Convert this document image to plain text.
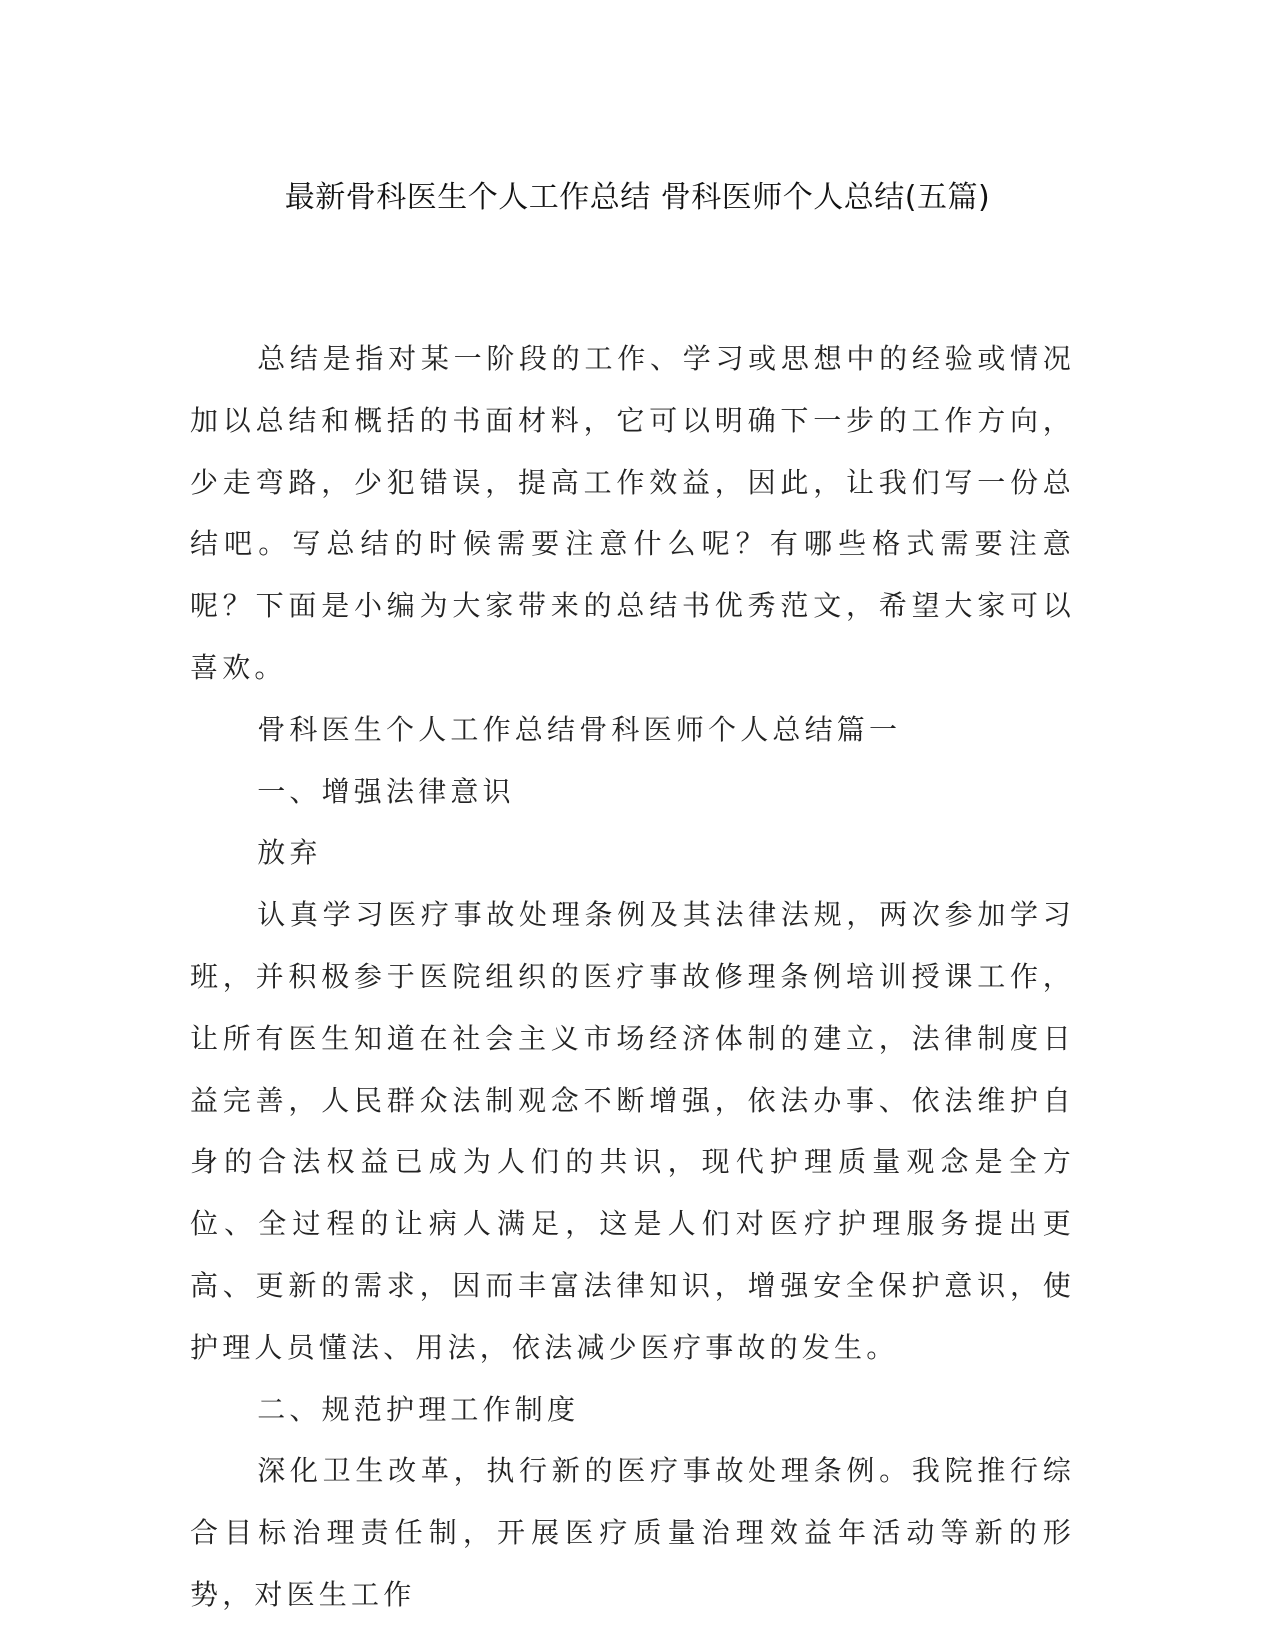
最新骨科医生个人工作总结 骨科医师个人总结(五篇)

总结是指对某一阶段的工作、学习或思想中的经验或情况加以总结和概括的书面材料，它可以明确下一步的工作方向，少走弯路，少犯错误，提高工作效益，因此，让我们写一份总结吧。写总结的时候需要注意什么呢？有哪些格式需要注意呢？下面是小编为大家带来的总结书优秀范文，希望大家可以喜欢。

骨科医生个人工作总结骨科医师个人总结篇一

一、增强法律意识

放弃

认真学习医疗事故处理条例及其法律法规，两次参加学习班，并积极参于医院组织的医疗事故修理条例培训授课工作，让所有医生知道在社会主义市场经济体制的建立，法律制度日益完善，人民群众法制观念不断增强，依法办事、依法维护自身的合法权益已成为人们的共识，现代护理质量观念是全方位、全过程的让病人满足，这是人们对医疗护理服务提出更高、更新的需求，因而丰富法律知识，增强安全保护意识，使护理人员懂法、用法，依法减少医疗事故的发生。

二、规范护理工作制度

深化卫生改革，执行新的医疗事故处理条例。我院推行综合目标治理责任制，开展医疗质量治理效益年活动等新的形势，对医生工作
